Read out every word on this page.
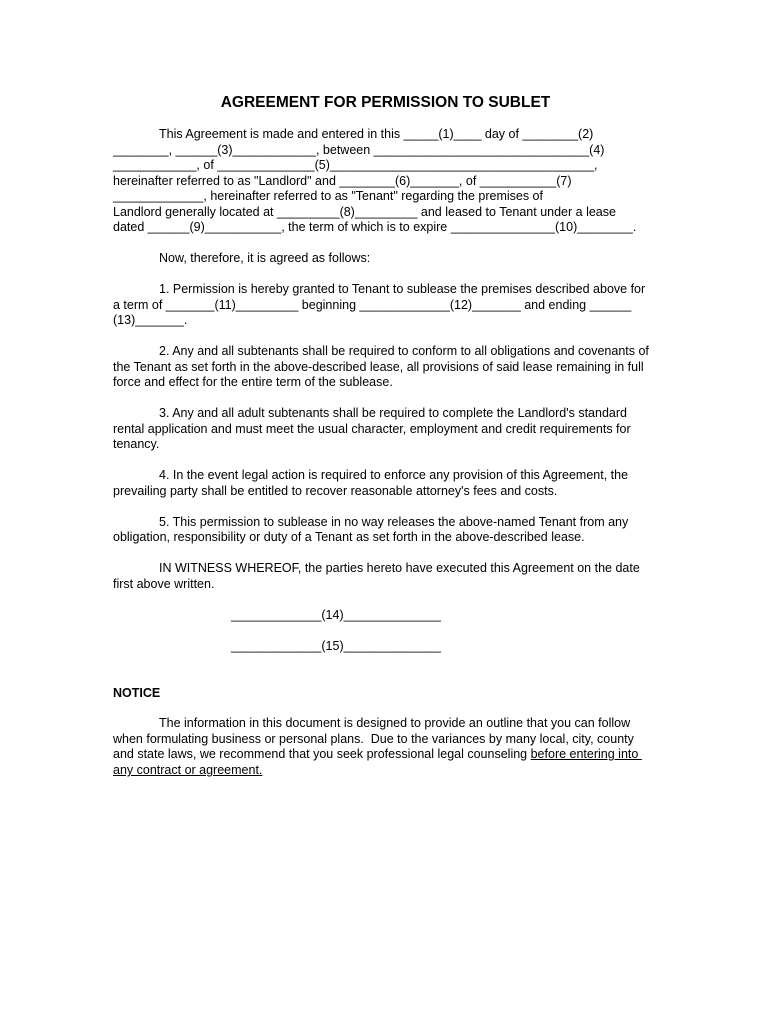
AGREEMENT FOR PERMISSION TO SUBLET
This Agreement is made and entered in this _____(1)____ day of ________(2)
________, ______(3)____________, between _______________________________(4)
____________, of ______________(5)______________________________________,
hereinafter referred to as "Landlord" and ________(6)_______, of ___________(7)
_____________, hereinafter referred to as "Tenant" regarding the premises of
Landlord generally located at _________(8)_________ and leased to Tenant under a lease
dated ______(9)___________, the term of which is to expire _______________(10)________.
Now, therefore, it is agreed as follows:
1. Permission is hereby granted to Tenant to sublease the premises described above for
a term of _______(11)_________ beginning _____________(12)_______ and ending ______
(13)_______.
2. Any and all subtenants shall be required to conform to all obligations and covenants of
the Tenant as set forth in the above-described lease, all provisions of said lease remaining in full
force and effect for the entire term of the sublease.
3. Any and all adult subtenants shall be required to complete the Landlord's standard
rental application and must meet the usual character, employment and credit requirements for
tenancy.
4. In the event legal action is required to enforce any provision of this Agreement, the
prevailing party shall be entitled to recover reasonable attorney's fees and costs.
5. This permission to sublease in no way releases the above-named Tenant from any
obligation, responsibility or duty of a Tenant as set forth in the above-described lease.
IN WITNESS WHEREOF, the parties hereto have executed this Agreement on the date
first above written.
_____________(14)______________
_____________(15)______________
NOTICE
The information in this document is designed to provide an outline that you can follow
when formulating business or personal plans.  Due to the variances by many local, city, county
and state laws, we recommend that you seek professional legal counseling before entering into
any contract or agreement.
